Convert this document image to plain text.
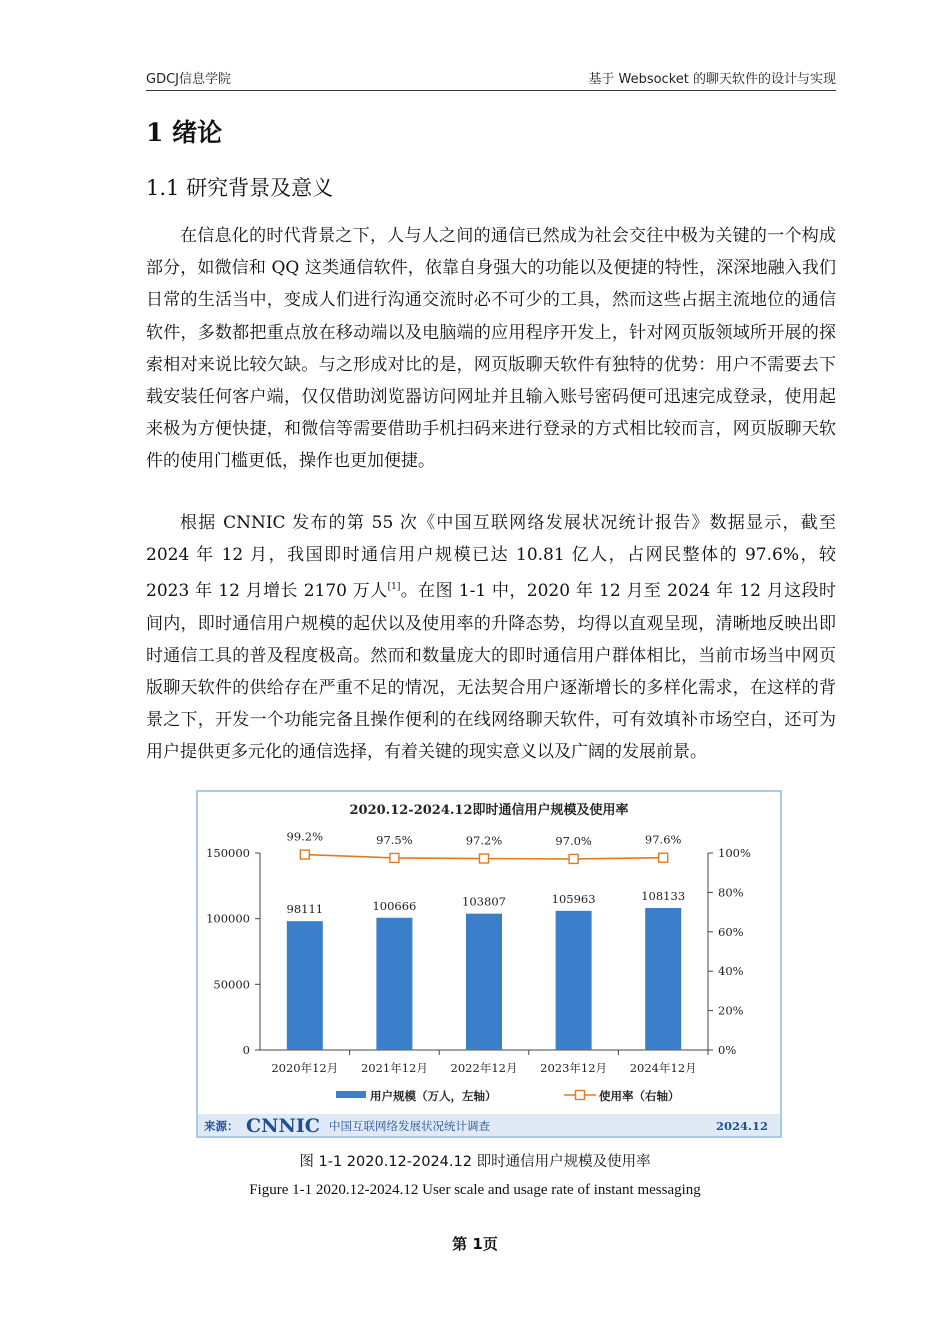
GDCJ信息学院	基于 Websocket 的聊天软件的设计与实现
1 绪论
1.1 研究背景及意义

在信息化的时代背景之下，人与人之间的通信已然成为社会交往中极为关键的一个构成部分，如微信和 QQ 这类通信软件，依靠自身强大的功能以及便捷的特性，深深地融入我们日常的生活当中，变成人们进行沟通交流时必不可少的工具，然而这些占据主流地位的通信软件，多数都把重点放在移动端以及电脑端的应用程序开发上，针对网页版领域所开展的探索相对来说比较欠缺。与之形成对比的是，网页版聊天软件有独特的优势：用户不需要去下载安装任何客户端，仅仅借助浏览器访问网址并且输入账号密码便可迅速完成登录，使用起来极为方便快捷，和微信等需要借助手机扫码来进行登录的方式相比较而言，网页版聊天软件的使用门槛更低，操作也更加便捷。

根据 CNNIC 发布的第 55 次《中国互联网络发展状况统计报告》数据显示，截至 2024 年 12 月，我国即时通信用户规模已达 10.81 亿人，占网民整体的 97.6%，较 2023 年 12 月增长 2170 万人[1]。在图 1-1 中，2020 年 12 月至 2024 年 12 月这段时间内，即时通信用户规模的起伏以及使用率的升降态势，均得以直观呈现，清晰地反映出即时通信工具的普及程度极高。然而和数量庞大的即时通信用户群体相比，当前市场当中网页版聊天软件的供给存在严重不足的情况，无法契合用户逐渐增长的多样化需求，在这样的背景之下，开发一个功能完备且操作便利的在线网络聊天软件，可有效填补市场空白，还可为用户提供更多元化的通信选择，有着关键的现实意义以及广阔的发展前景。

2020.12-2024.12即时通信用户规模及使用率
0
50000
100000
150000
0%
20%
40%
60%
80%
100%
2020年12月 2021年12月 2022年12月 2023年12月 2024年12月
98111	100666	103807	105963	108133
99.2%	97.5%	97.2%	97.0%	97.6%
用户规模（万人，左轴）	使用率（右轴）
来源： CNNIC 中国互联网络发展状况统计调查	2024.12
图 1-1 2020.12-2024.12 即时通信用户规模及使用率
Figure 1-1 2020.12-2024.12 User scale and usage rate of instant messaging
第 1页
